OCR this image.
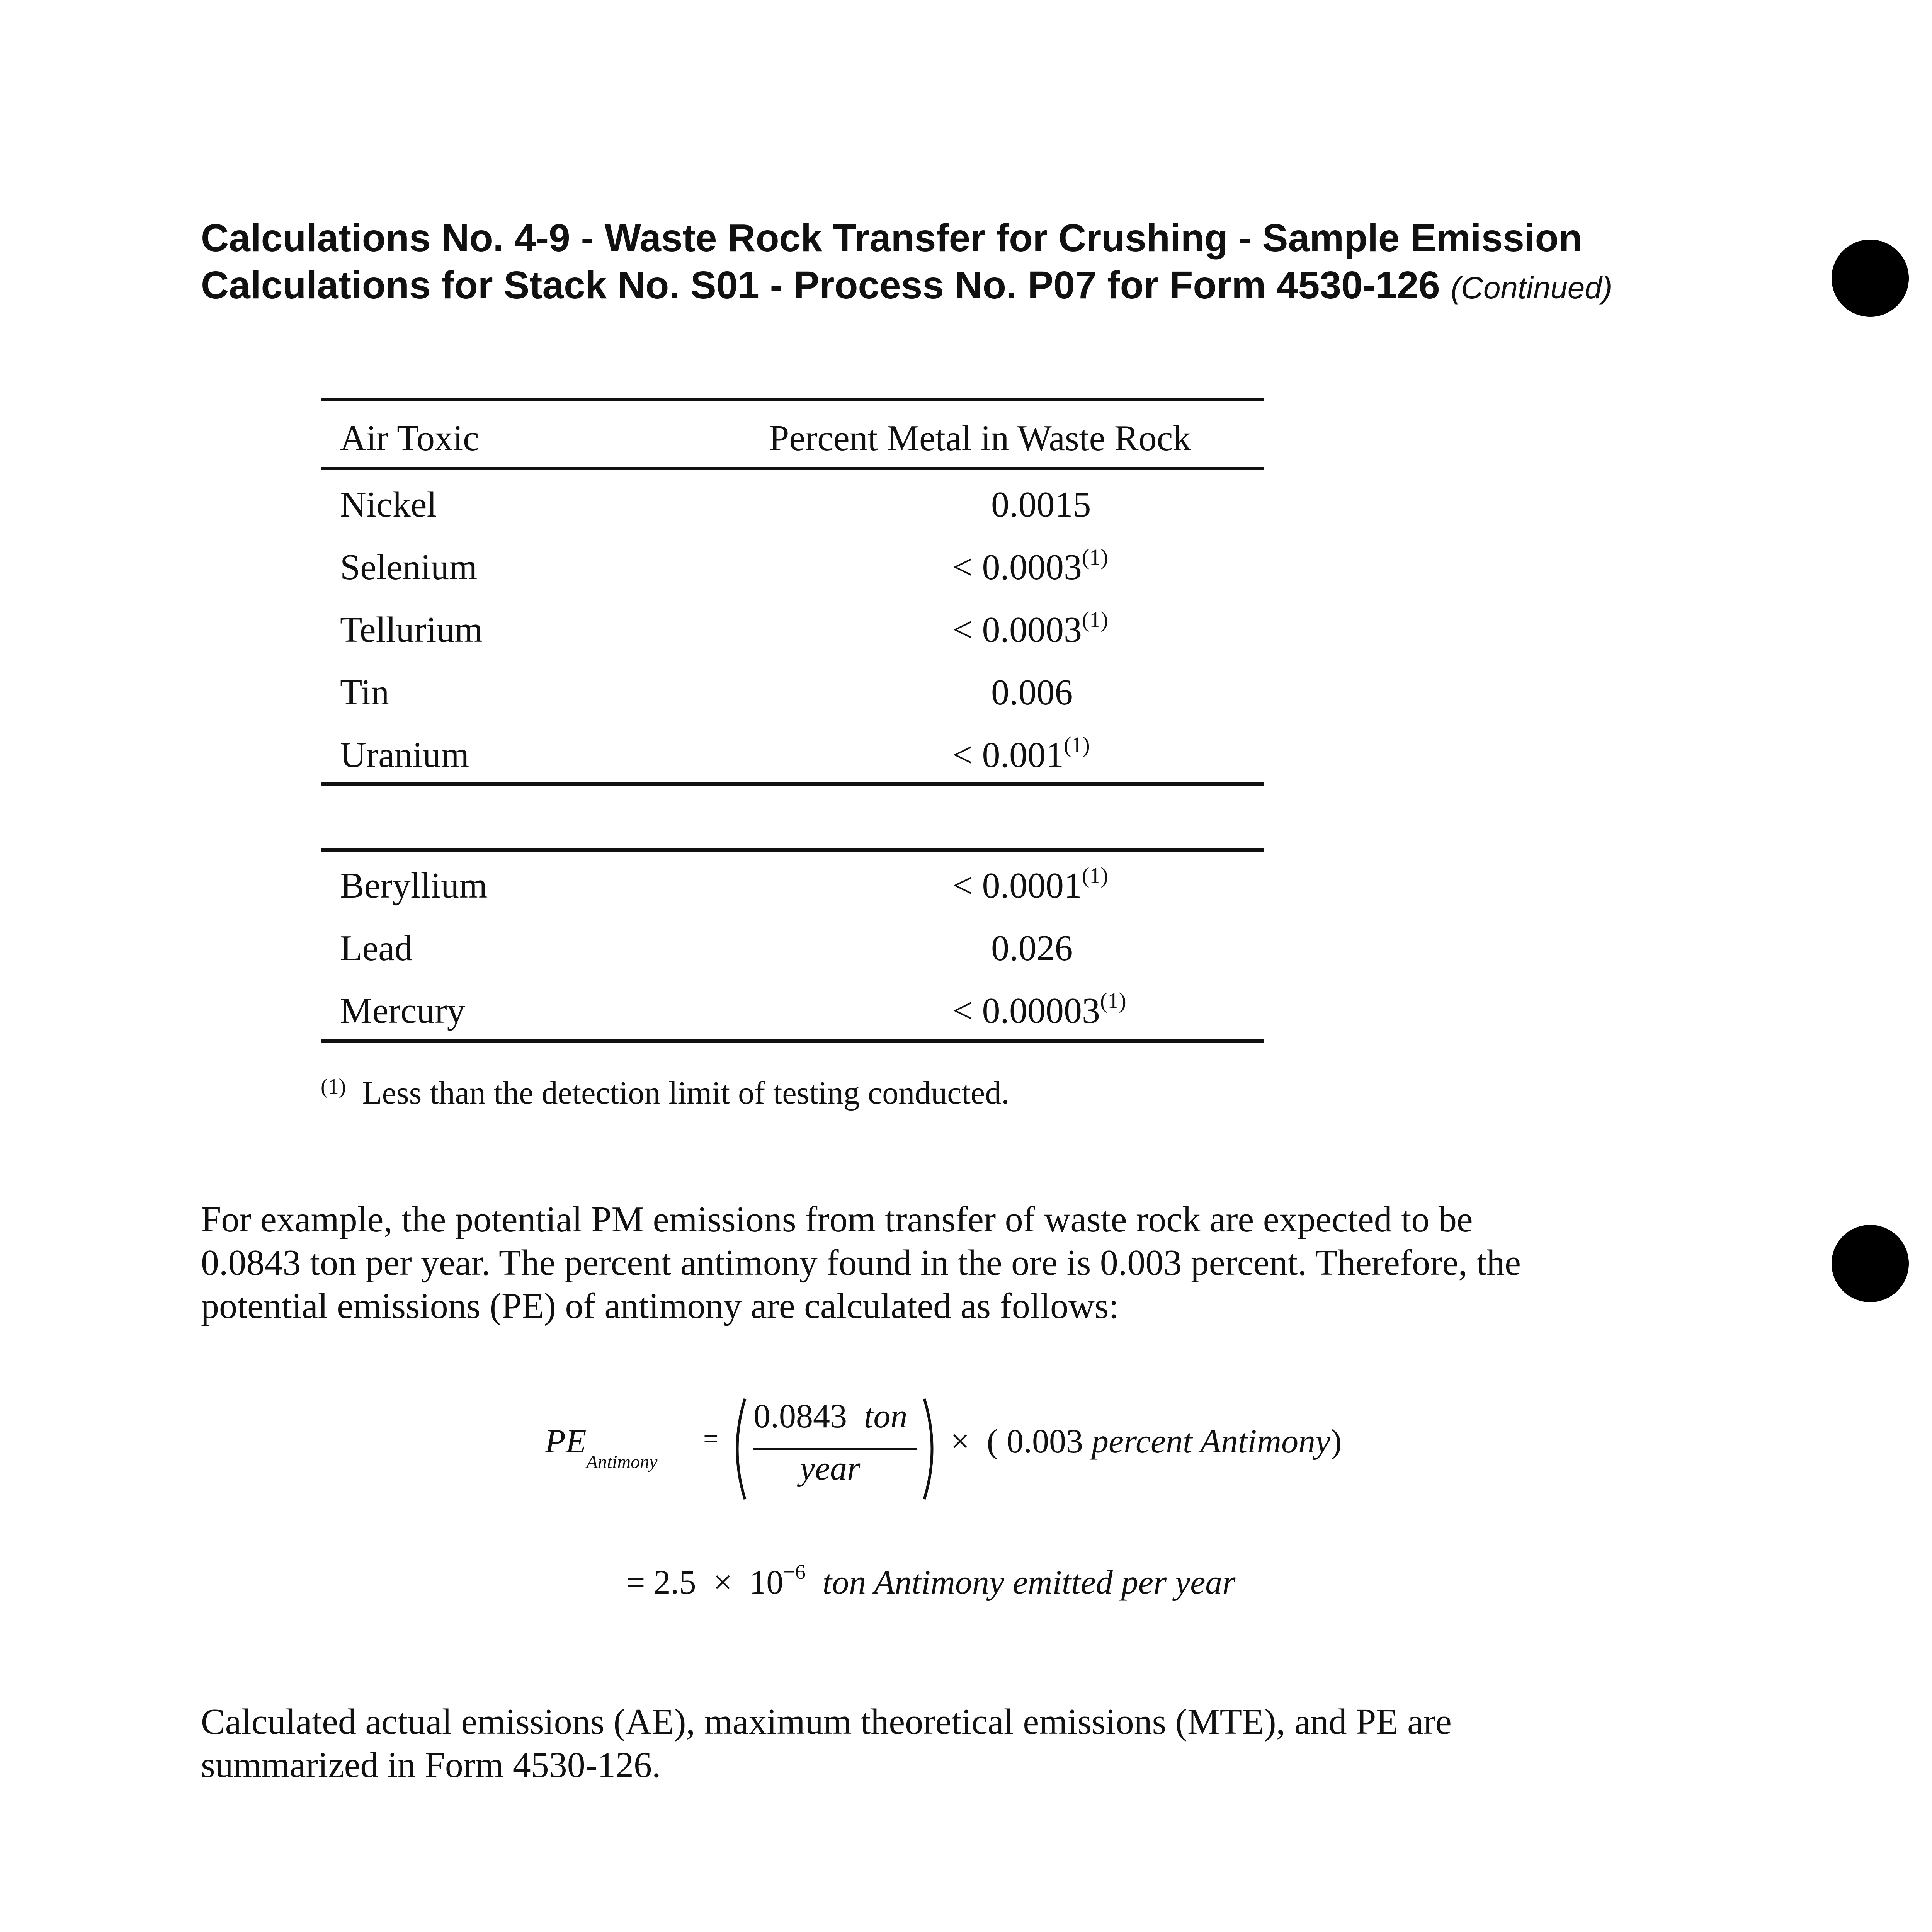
Calculations No. 4-9 - Waste Rock Transfer for Crushing - Sample Emission
Calculations for Stack No. S01 - Process No. P07 for Form 4530-126 (Continued)
Air Toxic	Percent Metal in Waste Rock
Nickel	0.0015
Selenium	< 0.0003$^{(1)}$
Tellurium	< 0.0003$^{(1)}$
Tin	0.006
Uranium	< 0.001$^{(1)}$
Beryllium	< 0.0001$^{(1)}$
Lead	0.026
Mercury	< 0.00003$^{(1)}$
$^{(1)}$ Less than the detection limit of testing conducted.
For example, the potential PM emissions from transfer of waste rock are expected to be
0.0843 ton per year. The percent antimony found in the ore is 0.003 percent. Therefore, the
potential emissions (PE) of antimony are calculated as follows:
$PE_{Antimony}$
=
0.0843 ton
year
× ( 0.003 percent Antimony)
= $2.5 \times 10^{-6}$ ton Antimony emitted per year
Calculated actual emissions (AE), maximum theoretical emissions (MTE), and PE are
summarized in Form 4530-126.
